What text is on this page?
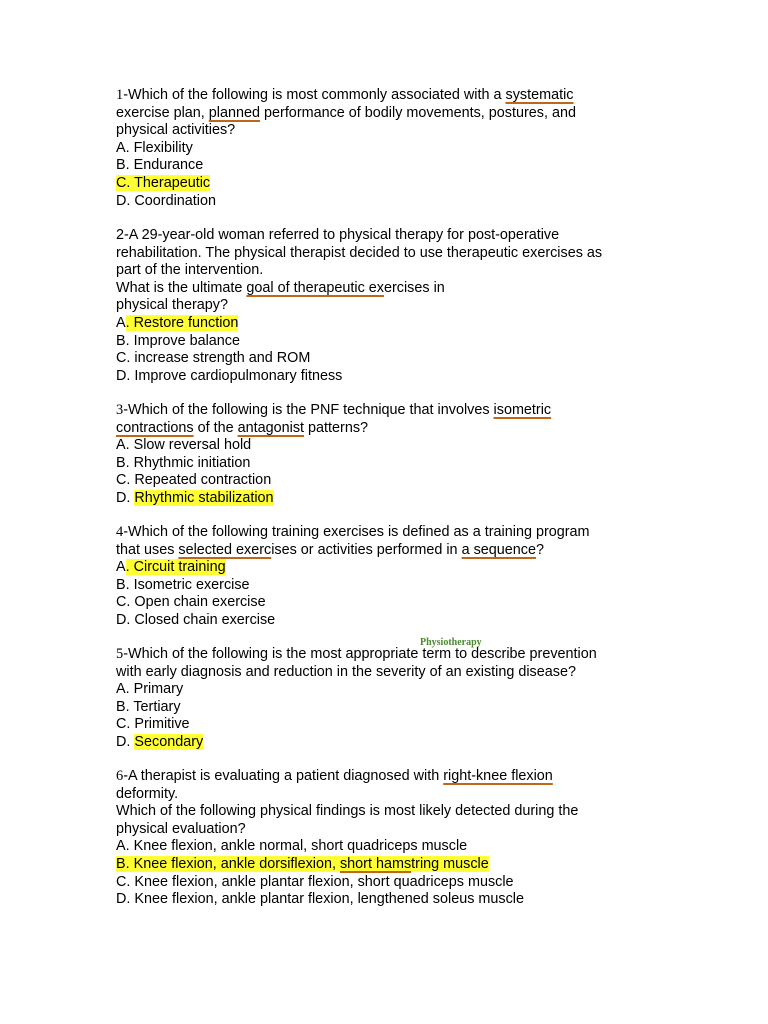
1-Which of the following is most commonly associated with a systematic
exercise plan, planned performance of bodily movements, postures, and
physical activities?
A. Flexibility
B. Endurance
C. Therapeutic
D. Coordination
2-A 29-year-old woman referred to physical therapy for post-operative
rehabilitation. The physical therapist decided to use therapeutic exercises as
part of the intervention.
What is the ultimate goal of therapeutic exercises in
physical therapy?
A. Restore function
B. Improve balance
C. increase strength and ROM
D. Improve cardiopulmonary fitness
3-Which of the following is the PNF technique that involves isometric
contractions of the antagonist patterns?
A. Slow reversal hold
B. Rhythmic initiation
C. Repeated contraction
D. Rhythmic stabilization
4-Which of the following training exercises is defined as a training program
that uses selected exercises or activities performed in a sequence?
A. Circuit training
B. Isometric exercise
C. Open chain exercise
D. Closed chain exercise
Physiotherapy
5-Which of the following is the most appropriate term to describe prevention
with early diagnosis and reduction in the severity of an existing disease?
A. Primary
B. Tertiary
C. Primitive
D. Secondary
6-A therapist is evaluating a patient diagnosed with right-knee flexion
deformity.
Which of the following physical findings is most likely detected during the
physical evaluation?
A. Knee flexion, ankle normal, short quadriceps muscle
B. Knee flexion, ankle dorsiflexion, short hamstring muscle
C. Knee flexion, ankle plantar flexion, short quadriceps muscle
D. Knee flexion, ankle plantar flexion, lengthened soleus muscle
